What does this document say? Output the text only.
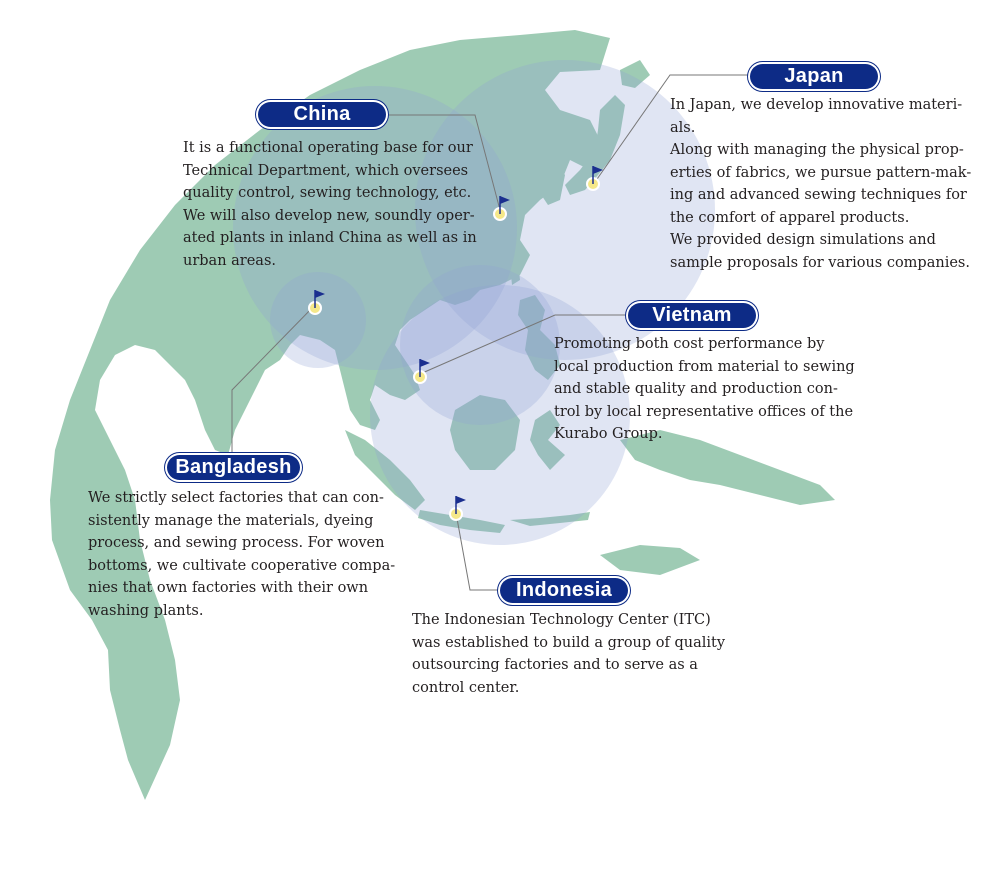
China

It is a functional operating base for our
Technical Department, which oversees
quality control, sewing technology, etc.
We will also develop new, soundly oper-
ated plants in inland China as well as in
urban areas.

Japan

In Japan, we develop innovative materi-
als.
Along with managing the physical prop-
erties of fabrics, we pursue pattern-mak-
ing and advanced sewing techniques for
the comfort of apparel products.
We provided design simulations and
sample proposals for various companies.

Vietnam

Promoting both cost performance by
local production from material to sewing
and stable quality and production con-
trol by local representative offices of the
Kurabo Group.

Bangladesh

We strictly select factories that can con-
sistently manage the materials, dyeing
process, and sewing process. For woven
bottoms, we cultivate cooperative compa-
nies that own factories with their own
washing plants.

Indonesia

The Indonesian Technology Center (ITC)
was established to build a group of quality
outsourcing factories and to serve as a
control center.
